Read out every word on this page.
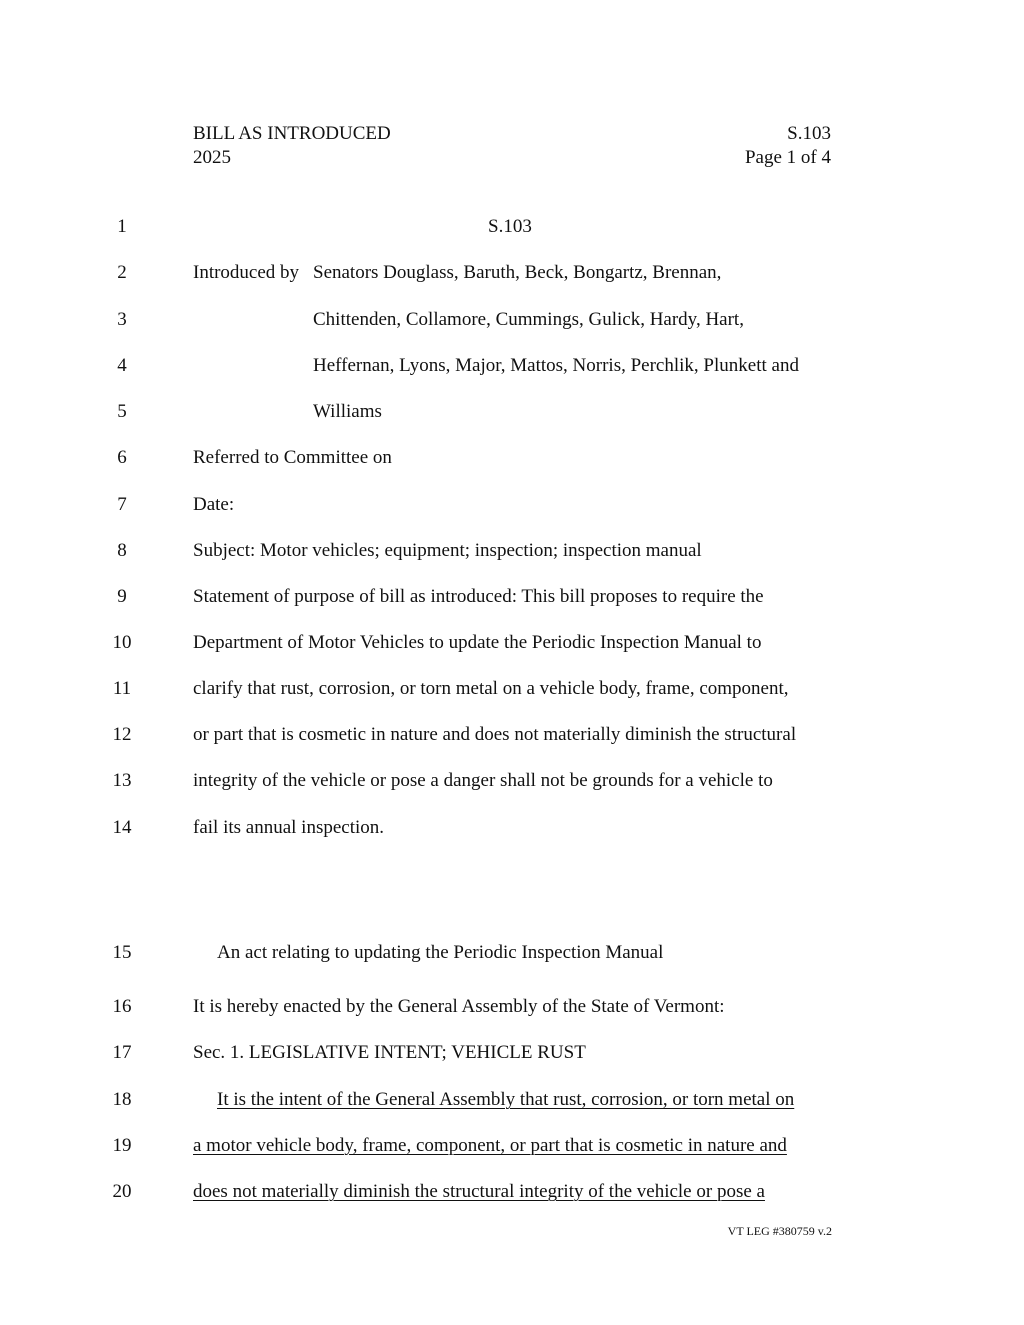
BILL AS INTRODUCED
2025
S.103
Page 1 of 4
1	S.103
2	Introduced by Senators Douglass, Baruth, Beck, Bongartz, Brennan,
3	Chittenden, Collamore, Cummings, Gulick, Hardy, Hart,
4	Heffernan, Lyons, Major, Mattos, Norris, Perchlik, Plunkett and
5	Williams
6	Referred to Committee on
7	Date:
8	Subject: Motor vehicles; equipment; inspection; inspection manual
9	Statement of purpose of bill as introduced: This bill proposes to require the
10	Department of Motor Vehicles to update the Periodic Inspection Manual to
11	clarify that rust, corrosion, or torn metal on a vehicle body, frame, component,
12	or part that is cosmetic in nature and does not materially diminish the structural
13	integrity of the vehicle or pose a danger shall not be grounds for a vehicle to
14	fail its annual inspection.
15	An act relating to updating the Periodic Inspection Manual
16	It is hereby enacted by the General Assembly of the State of Vermont:
17	Sec. 1. LEGISLATIVE INTENT; VEHICLE RUST
18	It is the intent of the General Assembly that rust, corrosion, or torn metal on
19	a motor vehicle body, frame, component, or part that is cosmetic in nature and
20	does not materially diminish the structural integrity of the vehicle or pose a
VT LEG #380759 v.2
